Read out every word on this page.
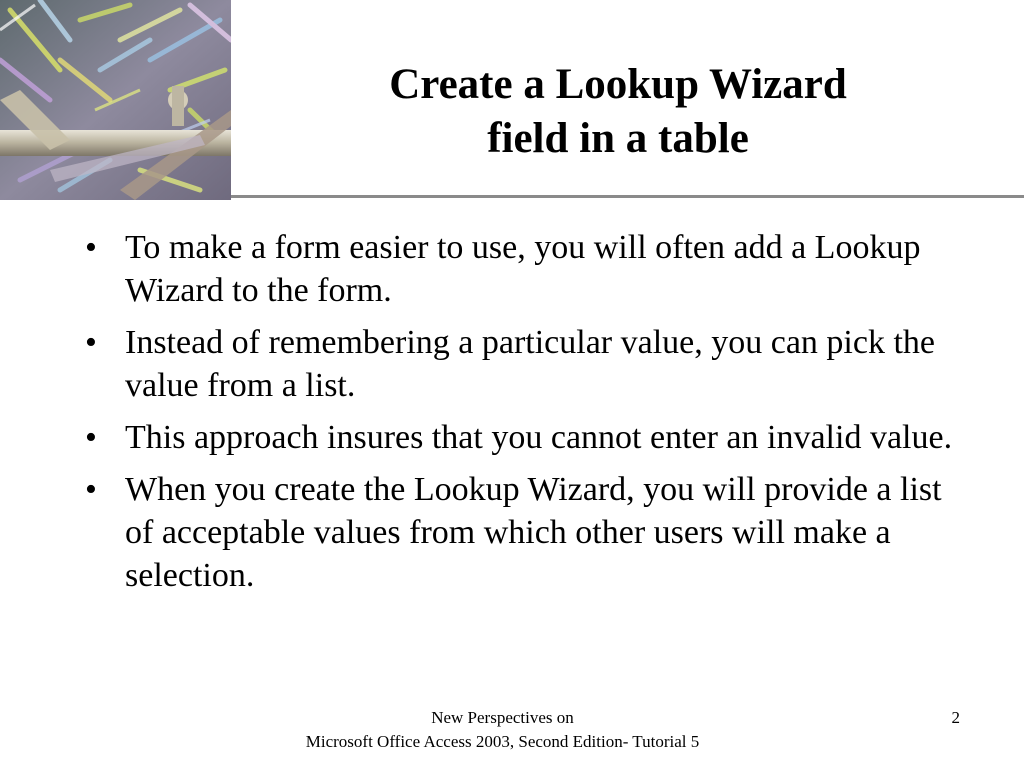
Create a Lookup Wizard
field in a table
• To make a form easier to use, you will often add a Lookup Wizard to the form.
• Instead of remembering a particular value, you can pick the value from a list.
• This approach insures that you cannot enter an invalid value.
• When you create the Lookup Wizard, you will provide a list of acceptable values from which other users will make a selection.
New Perspectives on
Microsoft Office Access 2003, Second Edition- Tutorial 5
2
